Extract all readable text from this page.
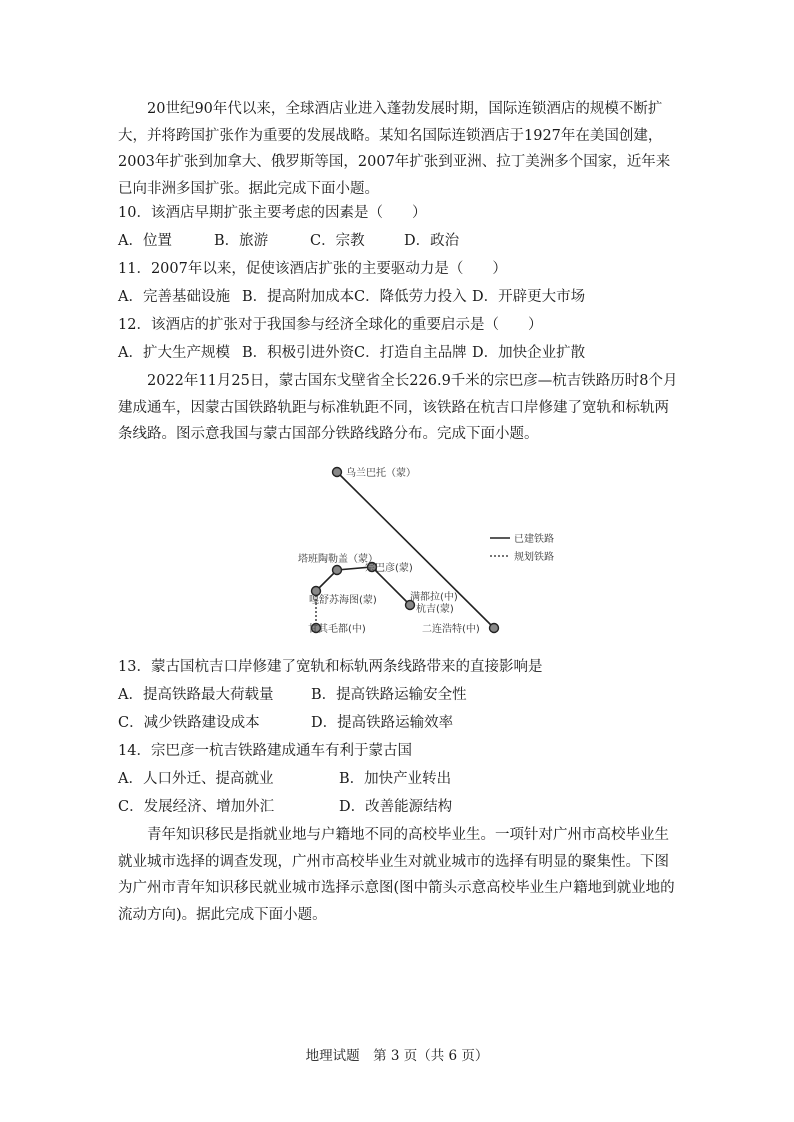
20世纪90年代以来，全球酒店业进入蓬勃发展时期，国际连锁酒店的规模不断扩大，并将跨国扩张作为重要的发展战略。某知名国际连锁酒店于1927年在美国创建，2003年扩张到加拿大、俄罗斯等国，2007年扩张到亚洲、拉丁美洲多个国家，近年来已向非洲多国扩张。据此完成下面小题。
10．该酒店早期扩张主要考虑的因素是（　　）
A．位置	B．旅游	C．宗教	D．政治
11．2007年以来，促使该酒店扩张的主要驱动力是（　　）
A．完善基础设施 B．提高附加成本 C．降低劳力投入 D．开辟更大市场
12．该酒店的扩张对于我国参与经济全球化的重要启示是（　　）
A．扩大生产规模 B．积极引进外资 C．打造自主品牌 D．加快企业扩散
2022年11月25日，蒙古国东戈壁省全长226.9千米的宗巴彦—杭吉铁路历时8个月建成通车，因蒙古国铁路轨距与标准轨距不同，该铁路在杭吉口岸修建了宽轨和标轨两条线路。图示意我国与蒙古国部分铁路线路分布。完成下面小题。
乌兰巴托（蒙）
塔班陶勒盖（蒙）
宗巴彦(蒙)
嘎舒苏海图(蒙)
甘其毛都(中)
满都拉(中)
杭吉(蒙)
二连浩特(中)
已建铁路
规划铁路
13．蒙古国杭吉口岸修建了宽轨和标轨两条线路带来的直接影响是
A．提高铁路最大荷载量	B．提高铁路运输安全性
C．减少铁路建设成本	D．提高铁路运输效率
14．宗巴彦一杭吉铁路建成通车有利于蒙古国
A．人口外迁、提高就业	B．加快产业转出
C．发展经济、增加外汇	D．改善能源结构
青年知识移民是指就业地与户籍地不同的高校毕业生。一项针对广州市高校毕业生就业城市选择的调查发现，广州市高校毕业生对就业城市的选择有明显的聚集性。下图为广州市青年知识移民就业城市选择示意图(图中箭头示意高校毕业生户籍地到就业地的流动方向)。据此完成下面小题。
地理试题　第 3 页（共 6 页）
